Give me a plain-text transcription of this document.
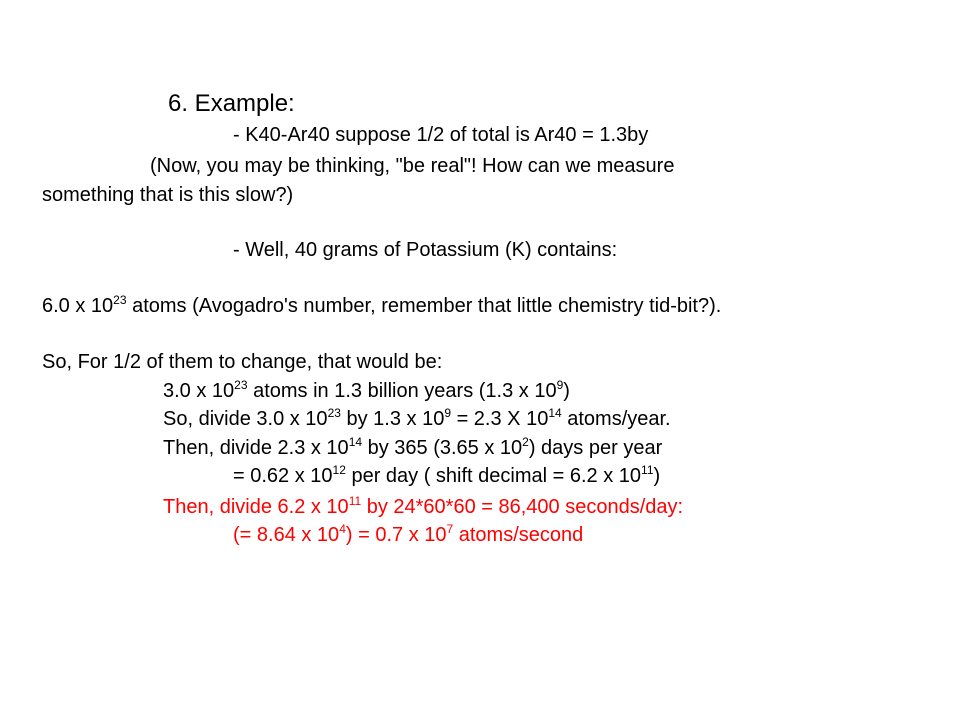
6. Example:
- K40-Ar40 suppose 1/2 of total is Ar40 = 1.3by
(Now, you may be thinking, "be real"! How can we measure
something that is this slow?)
- Well, 40 grams of Potassium (K) contains:
6.0 x $10^{23}$ atoms (Avogadro's number, remember that little chemistry tid-bit?).
So, For 1/2 of them to change, that would be:
3.0 x $10^{23}$ atoms in 1.3 billion years (1.3 x $10^9$)
So, divide 3.0 x $10^{23}$ by 1.3 x $10^9 = 2.3$ X $10^{14}$ atoms/year.
Then, divide 2.3 x $10^{14}$ by 365 (3.65 x $10^2$) days per year
= 0.62 x $10^{12}$ per day ( shift decimal = 6.2 x $10^{11}$)
Then, divide 6.2 x $10^{11}$ by 24*60*60 = 86,400 seconds/day:
(= 8.64 x $10^4) = 0.7$ x $10^7$ atoms/second
